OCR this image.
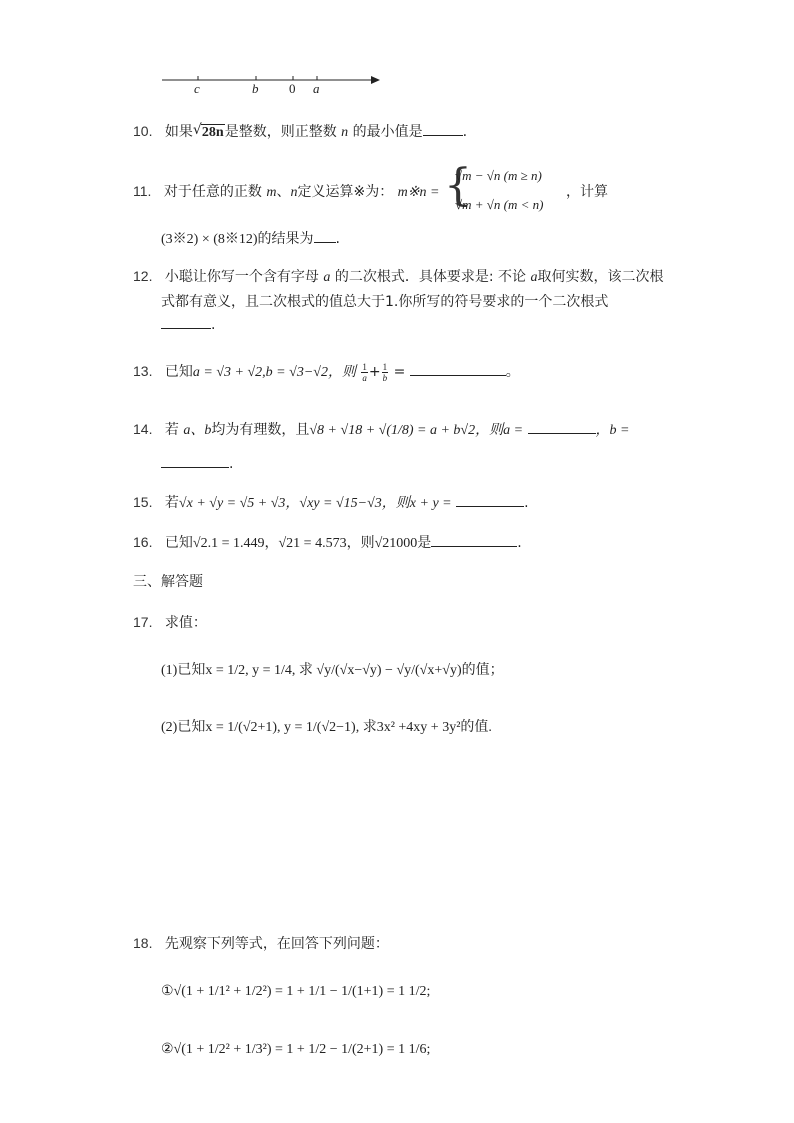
c	b 0 a
10. 如果 √ 28n是整数，则正整数 n 的最小值是	.
11. 对于任意的正数 m、n定义运算※为： m※n = {
√m − √n (m ≥ n)
√m + √n (m < n)
，计算
(3※2) × (8※12)的结果为 .
12. 小聪让你写一个含有字母 a 的二次根式．具体要求是: 不论 a取何实数，该二次根
式都有意义，且二次根式的值总大于1.你所写的符号要求的一个二次根式
.
13. 已知a = √3 + √2,b = √3−√2，则 $\frac{1}{a} + \frac{1}{b}$ =	。
14. 若 a、b均为有理数，且√8 + √18 + √(1/8) = a + b√2，则a =	，b =
.
15. 若√x + √y = √5 + √3，√xy = √15−√3，则x + y =	.
16. 已知√2.1 = 1.449，√21 = 4.573，则√21000是	.
三、解答题
17. 求值：
(1)已知x = 1/2, y = 1/4, 求 √y/(√x−√y) − √y/(√x+√y)的值；
(2)已知x = 1/(√2+1), y = 1/(√2−1), 求3x² +4xy + 3y²的值.
18. 先观察下列等式，在回答下列问题：
①√(1 + 1/1² + 1/2²) = 1 + 1/1 − 1/(1+1) = 1 1/2;
②√(1 + 1/2² + 1/3²) = 1 + 1/2 − 1/(2+1) = 1 1/6;
